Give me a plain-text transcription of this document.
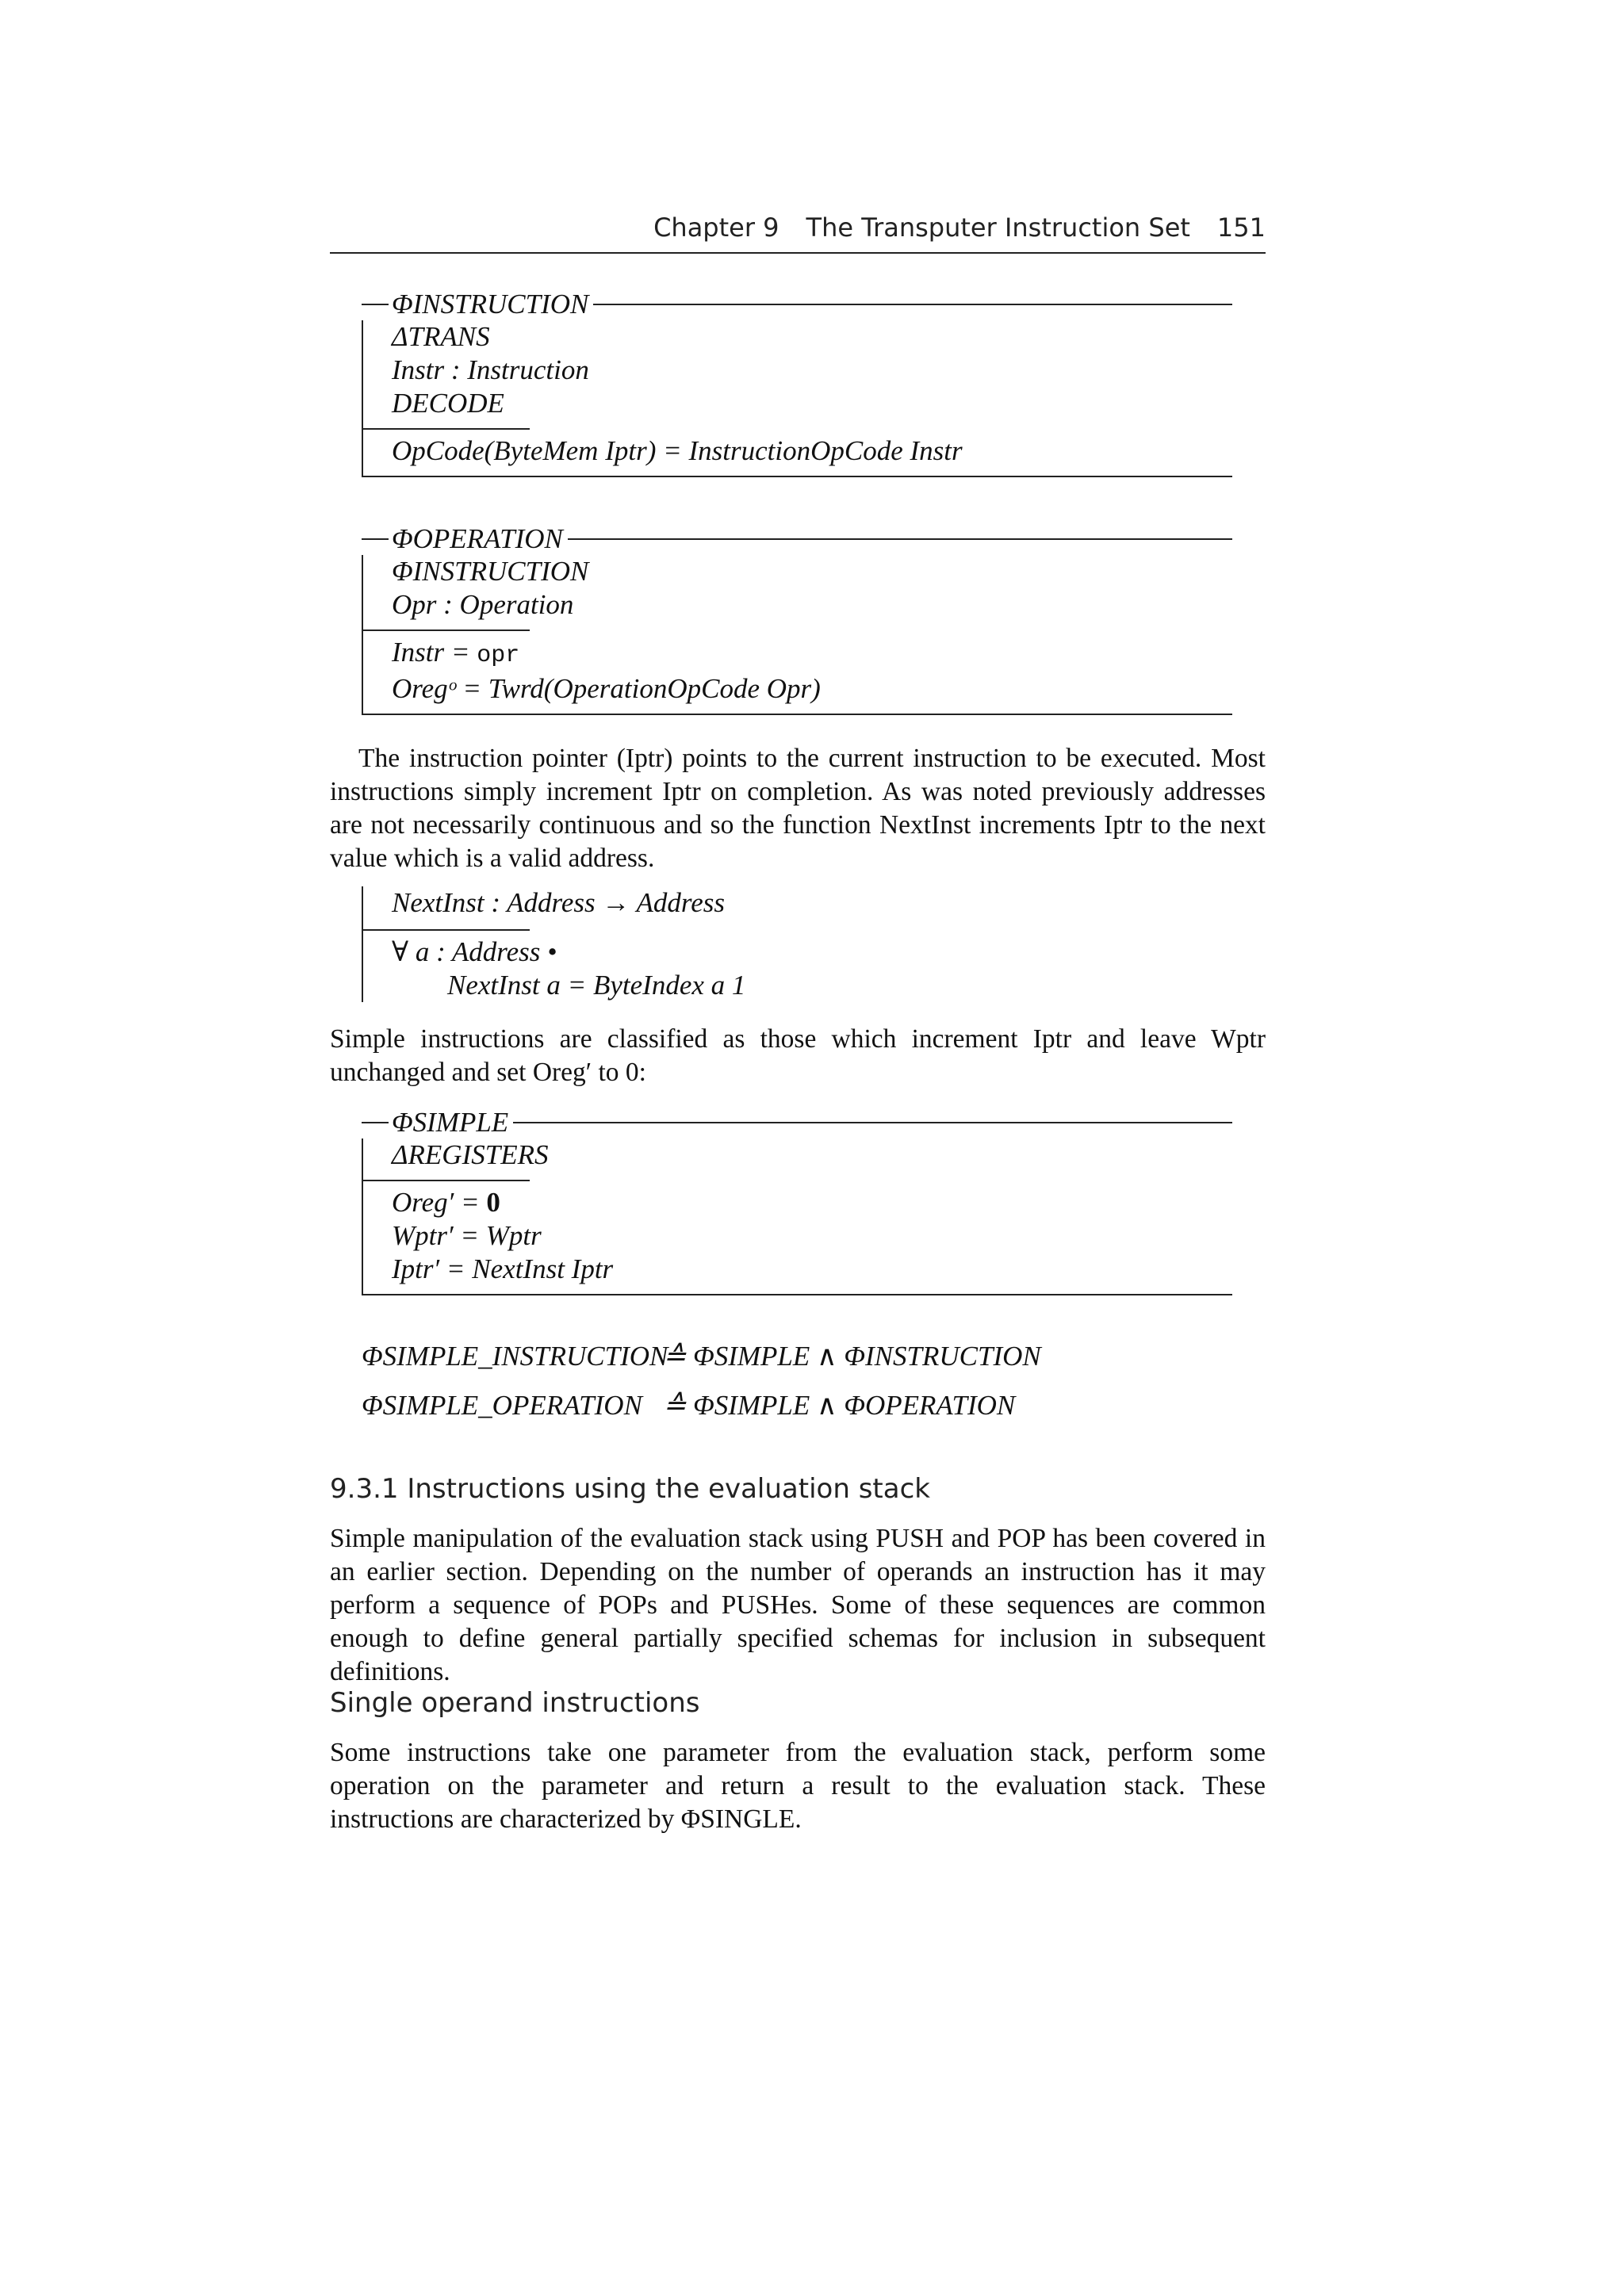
Chapter 9 The Transputer Instruction Set 151
ΦINSTRUCTION
ΔTRANS
Instr : Instruction
DECODE
OpCode(ByteMem Iptr) = InstructionOpCode Instr
ΦOPERATION
ΦINSTRUCTION
Opr : Operation
Instr = opr
Oregᵒ = Twrd(OperationOpCode Opr)
The instruction pointer (Iptr) points to the current instruction to be executed. Most instructions simply increment Iptr on completion. As was noted previously addresses are not necessarily continuous and so the function NextInst increments Iptr to the next value which is a valid address.
NextInst : Address → Address
∀ a : Address •
NextInst a = ByteIndex a 1
Simple instructions are classified as those which increment Iptr and leave Wptr unchanged and set Oreg′ to 0:
ΦSIMPLE
ΔREGISTERS
Oreg′ = 0
Wptr′ = Wptr
Iptr′ = NextInst Iptr
ΦSIMPLE_INSTRUCTION
≙ ΦSIMPLE ∧ ΦINSTRUCTION
ΦSIMPLE_OPERATION ≙ ΦSIMPLE ∧ ΦOPERATION
9.3.1 Instructions using the evaluation stack
Simple manipulation of the evaluation stack using PUSH and POP has been covered in an earlier section. Depending on the number of operands an instruction has it may perform a sequence of POPs and PUSHes. Some of these sequences are common enough to define general partially specified schemas for inclusion in subsequent definitions.
Single operand instructions
Some instructions take one parameter from the evaluation stack, perform some operation on the parameter and return a result to the evaluation stack. These instructions are characterized by ΦSINGLE.
